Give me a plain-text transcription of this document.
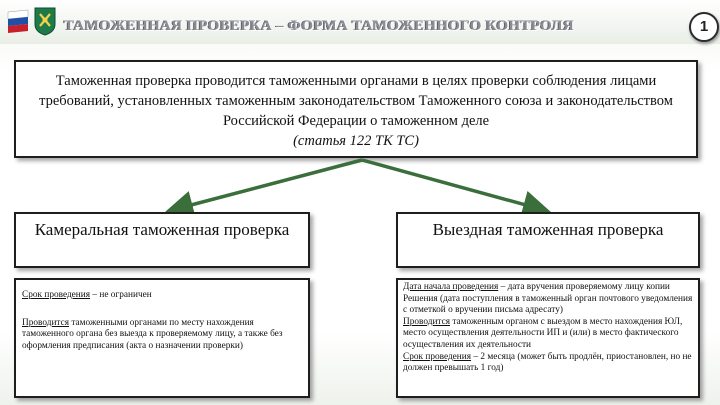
ТАМОЖЕННАЯ ПРОВЕРКА – ФОРМА ТАМОЖЕННОГО КОНТРОЛЯ	1
Таможенная проверка проводится таможенными органами в целях проверки соблюдения лицами требований, установленных таможенным законодательством Таможенного союза и законодательством Российской Федерации о таможенном деле
(статья 122 ТК ТС)
Камеральная таможенная проверка	Выездная таможенная проверка

Срок проведения – не ограничен

Проводится таможенными органами по месту нахождения таможенного органа без выезда к проверяемому лицу, а также без оформления предписания (акта о назначении проверки)

Дата начала проведения – дата вручения проверяемому лицу копии Решения (дата поступления в таможенный орган почтового уведомления с отметкой о вручении письма адресату)

Проводится таможенным органом с выездом в место нахождения ЮЛ, место осуществления деятельности ИП и (или) в место фактического осуществления их деятельности

Срок проведения – 2 месяца (может быть продлён, приостановлен, но не должен превышать 1 год)
